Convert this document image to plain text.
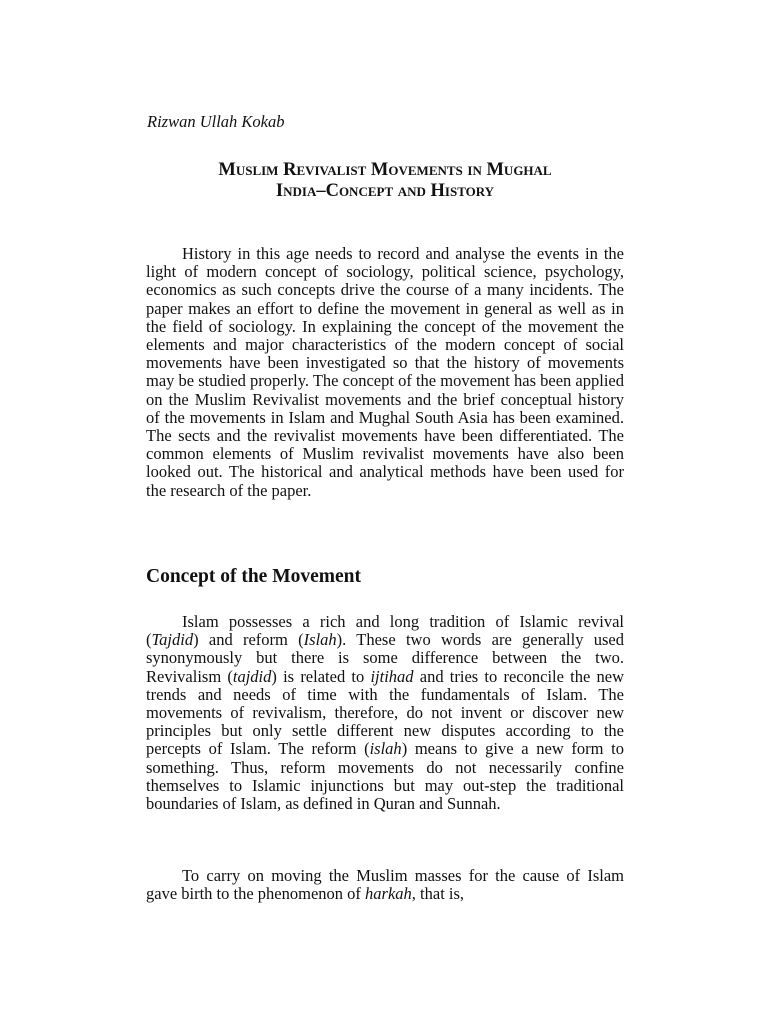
Rizwan Ullah Kokab
Muslim Revivalist Movements in Mughal
India–Concept and History

History in this age needs to record and analyse the events in the light of modern concept of sociology, political science, psychology, economics as such concepts drive the course of a many incidents. The paper makes an effort to define the movement in general as well as in the field of sociology. In explaining the concept of the movement the elements and major characteristics of the modern concept of social movements have been investigated so that the history of movements may be studied properly. The concept of the movement has been applied on the Muslim Revivalist movements and the brief conceptual history of the movements in Islam and Mughal South Asia has been examined. The sects and the revivalist movements have been differentiated. The common elements of Muslim revivalist movements have also been looked out. The historical and analytical methods have been used for the research of the paper.

Concept of the Movement

Islam possesses a rich and long tradition of Islamic revival (Tajdid) and reform (Islah). These two words are generally used synonymously but there is some difference between the two. Revivalism (tajdid) is related to ijtihad and tries to reconcile the new trends and needs of time with the fundamentals of Islam. The movements of revivalism, therefore, do not invent or discover new principles but only settle different new disputes according to the percepts of Islam. The reform (islah) means to give a new form to something. Thus, reform movements do not necessarily confine themselves to Islamic injunctions but may out-step the traditional boundaries of Islam, as defined in Quran and Sunnah.

To carry on moving the Muslim masses for the cause of Islam gave birth to the phenomenon of harkah, that is,
